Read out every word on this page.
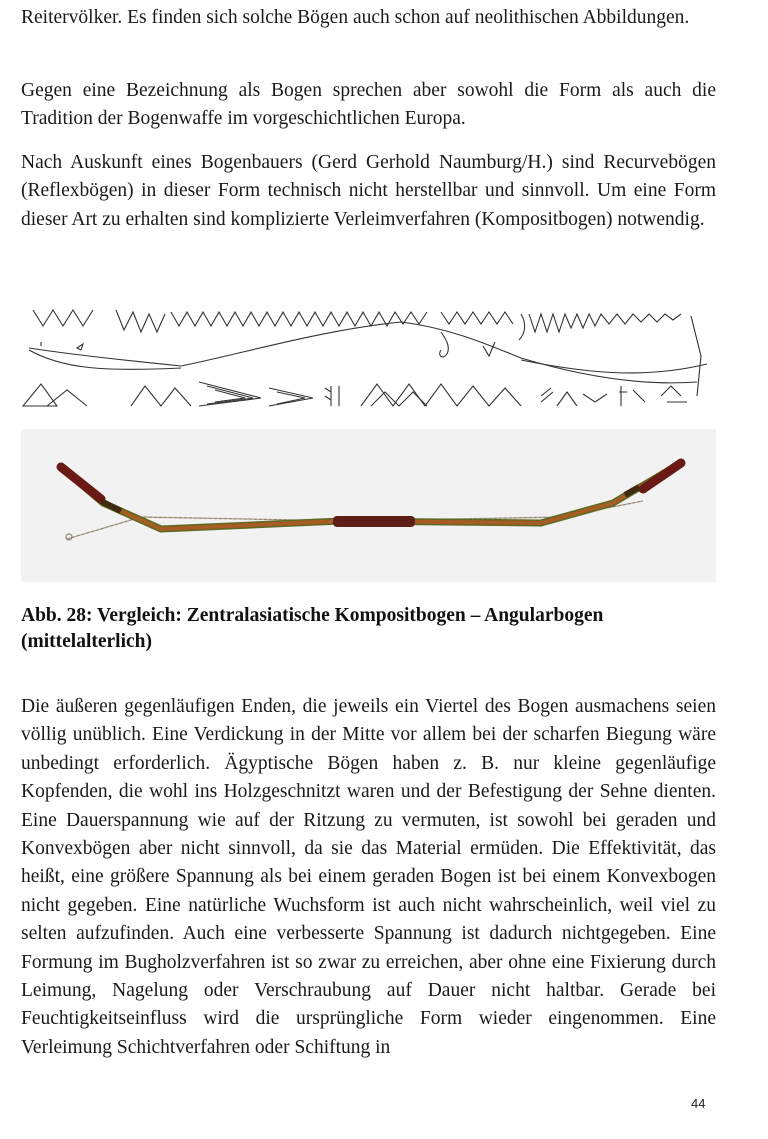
Reitervölker. Es finden sich solche Bögen auch schon auf neolithischen Abbildungen.

Gegen eine Bezeichnung als Bogen sprechen aber sowohl die Form als auch die Tradition der Bogenwaffe im vorgeschichtlichen Europa.

Nach Auskunft eines Bogenbauers (Gerd Gerhold Naumburg/H.) sind Recurvebögen (Reflexbögen) in dieser Form technisch nicht herstellbar und sinnvoll. Um eine Form dieser Art zu erhalten sind komplizierte Verleimverfahren (Kompositbogen) notwendig.

Abb. 28: Vergleich: Zentralasiatische Kompositbogen – Angularbogen (mittelalterlich)

Die äußeren gegenläufigen Enden, die jeweils ein Viertel des Bogen ausmachens seien völlig unüblich. Eine Verdickung in der Mitte vor allem bei der scharfen Biegung wäre unbedingt erforderlich. Ägyptische Bögen haben z. B. nur kleine gegenläufige Kopfenden, die wohl ins Holzgeschnitzt waren und der Befestigung der Sehne dienten. Eine Dauerspannung wie auf der Ritzung zu vermuten, ist sowohl bei geraden und Konvexbögen aber nicht sinnvoll, da sie das Material ermüden. Die Effektivität, das heißt, eine größere Spannung als bei einem geraden Bogen ist bei einem Konvexbogen nicht gegeben. Eine natürliche Wuchsform ist auch nicht wahrscheinlich, weil viel zu selten aufzufinden. Auch eine verbesserte Spannung ist dadurch nichtgegeben. Eine Formung im Bugholzverfahren ist so zwar zu erreichen, aber ohne eine Fixierung durch Leimung, Nagelung oder Verschraubung auf Dauer nicht haltbar. Gerade bei Feuchtigkeitseinfluss wird die ursprüngliche Form wieder eingenommen. Eine Verleimung Schichtverfahren oder Schiftung in

44
